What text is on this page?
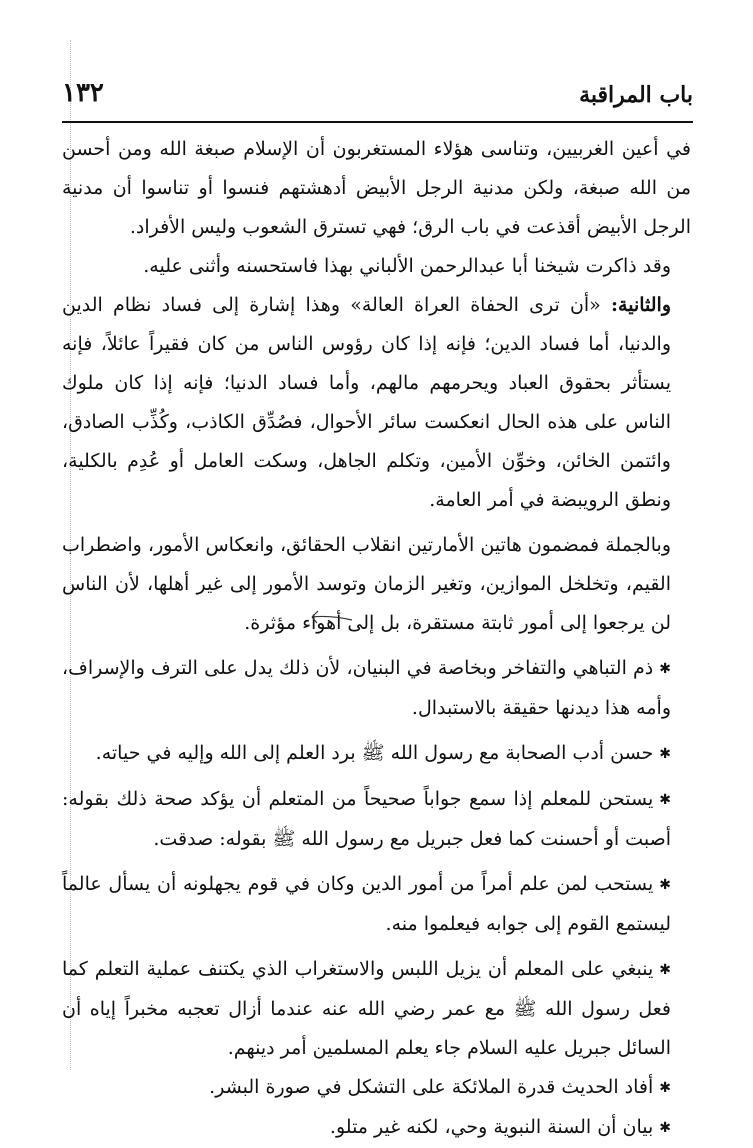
باب المراقبة
١٣٢

في أعين الغربيين، وتناسى هؤلاء المستغربون أن الإسلام صبغة الله ومن أحسن من الله صبغة، ولكن مدنية الرجل الأبيض أدهشتهم فنسوا أو تناسوا أن مدنية الرجل الأبيض أقذعت في باب الرق؛ فهي تسترق الشعوب وليس الأفراد.

وقد ذاكرت شيخنا أبا عبدالرحمن الألباني بهذا فاستحسنه وأثنى عليه.

والثانية: «أن ترى الحفاة العراة العالة» وهذا إشارة إلى فساد نظام الدين والدنيا، أما فساد الدين؛ فإنه إذا كان رؤوس الناس من كان فقيراً عائلاً، فإنه يستأثر بحقوق العباد ويحرمهم مالهم، وأما فساد الدنيا؛ فإنه إذا كان ملوك الناس على هذه الحال انعكست سائر الأحوال، فصُدِّق الكاذب، وكُذِّب الصادق، وائتمن الخائن، وخوِّن الأمين، وتكلم الجاهل، وسكت العامل أو عُدِم بالكلية، ونطق الرويبضة في أمر العامة.

وبالجملة فمضمون هاتين الأمارتين انقلاب الحقائق، وانعكاس الأمور، واضطراب القيم، وتخلخل الموازين، وتغير الزمان وتوسد الأمور إلى غير أهلها، لأن الناس لن يرجعوا إلى أمور ثابتة مستقرة، بل إلى أهواء مؤثرة.

✱ذم التباهي والتفاخر وبخاصة في البنيان، لأن ذلك يدل على الترف والإسراف، وأمه هذا ديدنها حقيقة بالاستبدال.

✱حسن أدب الصحابة مع رسول الله ﷺ برد العلم إلى الله وإليه في حياته.

✱يستحن للمعلم إذا سمع جواباً صحيحاً من المتعلم أن يؤكد صحة ذلك بقوله: أصبت أو أحسنت كما فعل جبريل مع رسول الله ﷺ بقوله: صدقت.

✱يستحب لمن علم أمراً من أمور الدين وكان في قوم يجهلونه أن يسأل عالماً ليستمع القوم إلى جوابه فيعلموا منه.

✱ينبغي على المعلم أن يزيل اللبس والاستغراب الذي يكتنف عملية التعلم كما فعل رسول الله ﷺ مع عمر رضي الله عنه عندما أزال تعجبه مخبراً إياه أن السائل جبريل عليه السلام جاء يعلم المسلمين أمر دينهم.

✱أفاد الحديث قدرة الملائكة على التشكل في صورة البشر.

✱بيان أن السنة النبوية وحي، لكنه غير متلو.
